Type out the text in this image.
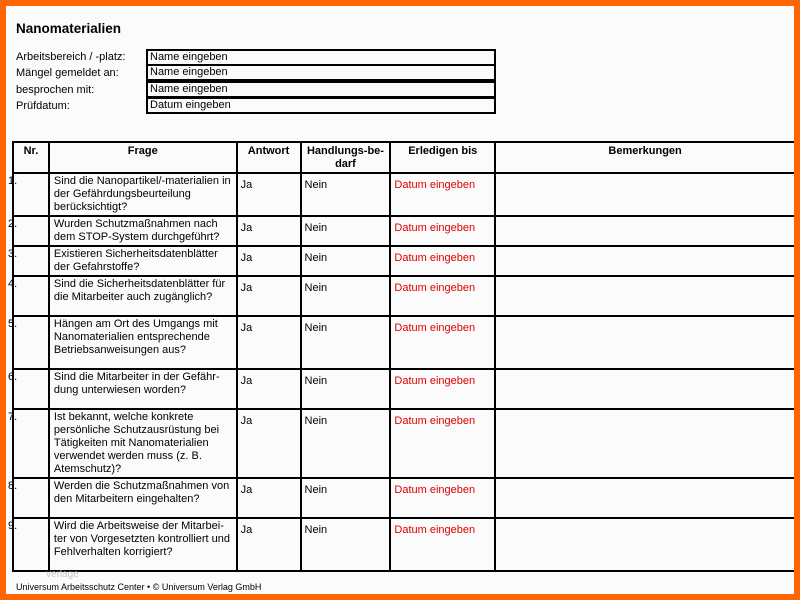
Nanomaterialien
Arbeitsbereich / -platz:	Name eingeben
Mängel gemeldet an:	Name eingeben
besprochen mit:	Name eingeben
Prüfdatum:	Datum eingeben
Nr.	Frage	Antwort	Handlungs-be-darf	Erledigen bis	Bemerkungen

1.	Sind die Nanopartikel/-materialien in der Gefährdungsbeurteilung berücksichtigt?	Ja	Nein	Datum eingeben	

2.	Wurden Schutzmaßnahmen nach dem STOP-System durchgeführt?	Ja	Nein	Datum eingeben	

3.	Existieren Sicherheitsdatenblätter der Gefahrstoffe?	Ja	Nein	Datum eingeben	

4.	Sind die Sicherheitsdatenblätter für die Mitarbeiter auch zugänglich?	Ja	Nein	Datum eingeben	

5.	Hängen am Ort des Umgangs mit Nanomaterialien entsprechende Betriebsanweisungen aus?	Ja	Nein	Datum eingeben	

6.	Sind die Mitarbeiter in der Gefähr-dung unterwiesen worden?	Ja	Nein	Datum eingeben	

7.	Ist bekannt, welche konkrete persönliche Schutzausrüstung bei Tätigkeiten mit Nanomaterialien verwendet werden muss (z. B. Atemschutz)?	Ja	Nein	Datum eingeben	

8.	Werden die Schutzmaßnahmen von den Mitarbeitern eingehalten?	Ja	Nein	Datum eingeben	

9.	Wird die Arbeitsweise der Mitarbei-ter von Vorgesetzten kontrolliert und Fehlverhalten korrigiert?	Ja	Nein	Datum eingeben	
verlage
Universum Arbeitsschutz Center • © Universum Verlag GmbH
